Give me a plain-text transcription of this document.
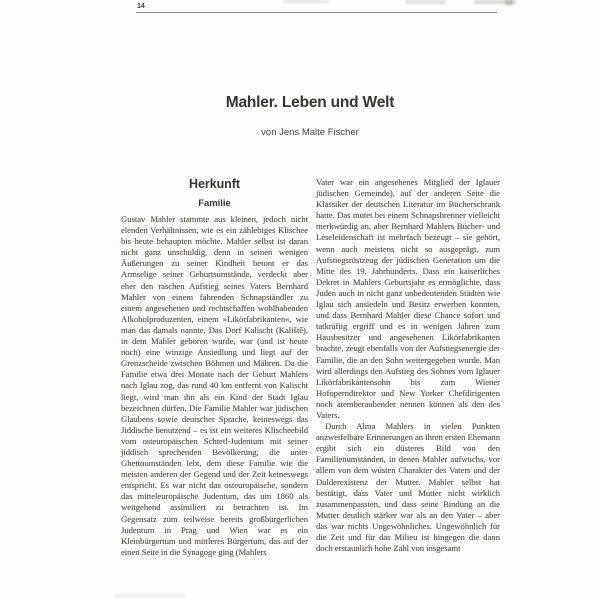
14
Mahler. Leben und Welt
von Jens Malte Fischer
Herkunft
Familie

Gustav Mahler stammte aus kleinen, jedoch nicht elenden Verhältnissen, wie es ein zählebiges Klischee bis heute behaupten möchte. Mahler selbst ist daran nicht ganz unschuldig, denn in seinen wenigen Äußerungen zu seiner Kindheit betont er das Armselige seiner Geburtsumstände, verdeckt aber eher den raschen Aufstieg seines Vaters Bernhard Mahler von einem fahrenden Schnapständler zu einem angesehenen und rechtschaffen wohlhabenden Alkoholproduzenten, einem »Likörfabrikanten«, wie man das damals nannte. Das Dorf Kalischt (Kaliště), in dem Mahler geboren wurde, war (und ist heute noch) eine winzige Ansiedlung und liegt auf der Grenzscheide zwischen Böhmen und Mähren. Da die Familie etwa drei Monate nach der Geburt Mahlers nach Iglau zog, das rund 40 km entfernt von Kalischt liegt, wird man ihn als ein Kind der Stadt Iglau bezeichnen dürfen. Die Familie Mahler war jüdischen Glaubens sowie deutscher Sprache, keineswegs das Jiddische benutzend – es ist ein weiteres Klischeebild vom osteuropäischen Schtetl-Judentum mit seiner jiddisch sprechenden Bevölkerung, die unter Ghettoumständen lebt, dem diese Familie wie die meisten anderen der Gegend und der Zeit keineswegs entspricht. Es war nicht das osteuropäische, sondern das mitteleuropäische Judentum, das um 1860 als weitgehend assimiliert zu betrachten ist. Im Gegensatz zum teilweise bereits großbürgerlichen Judentum in Prag und Wien war es ein Kleinbürgertum und mittleres Bürgertum, das auf der einen Seite in die Synagoge ging (Mahlers

Vater war ein angesehenes Mitglied der Iglauer jüdischen Gemeinde), auf der anderen Seite die Klassiker der deutschen Literatur im Bücherschrank hatte. Das mutet bei einem Schnapsbrenner vielleicht merkwürdig an, aber Bernhard Mahlers Bücher- und Leseleidenschaft ist mehrfach bezeugt – sie gehört, wenn auch meistens nicht so ausgeprägt, zum Aufstiegsrüstzeug der jüdischen Generation um die Mitte des 19. Jahrhunderts. Dass ein kaiserliches Dekret in Mahlers Geburtsjahr es ermöglichte, dass Juden auch in nicht ganz unbedeutenden Städten wie Iglau sich ansiedeln und Besitz erwerben konnten, und dass Bernhard Mahler diese Chance sofort und tatkräftig ergriff und es in wenigen Jahren zum Hausbesitzer und angesehenen Likörfabrikanten brachte, zeugt ebenfalls von der Aufstiegsenergie der Familie, die an den Sohn weitergegeben wurde. Man wird allerdings den Aufstieg des Sohnes vom Iglauer Likörfabrikantensohn bis zum Wiener Hofoperndirektor und New Yorker Chefdirigenten noch atemberaubender nennen können als den des Vaters.

Durch Alma Mahlers in vielen Punkten anzweifelbare Erinnerungen an ihren ersten Ehemann ergibt sich ein düsteres Bild von den Familienumständen, in denen Mahler aufwuchs, vor allem von dem wüsten Charakter des Vaters und der Dulderexistenz der Mutter. Mahler selbst hat bestätigt, dass Vater und Mutter nicht wirklich zusammenpassten, und dass seine Bindung an die Mutter deutlich stärker war als an den Vater – aber das war nichts Ungewöhnliches. Ungewöhnlich für die Zeit und für das Milieu ist hingegen die dann doch erstaunlich hohe Zahl von insgesamt
